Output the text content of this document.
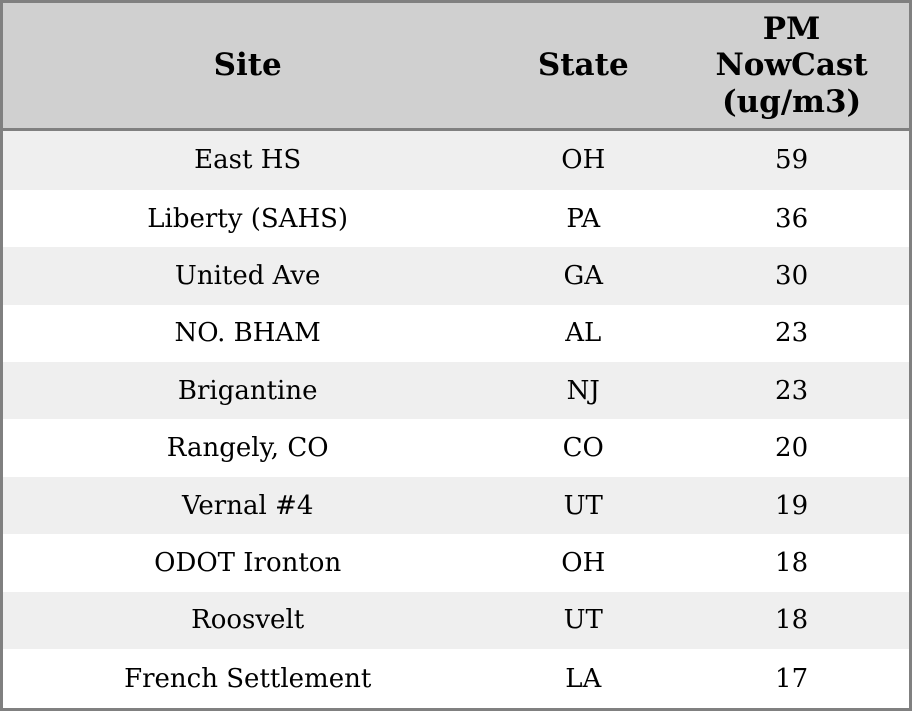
Site	State	PM NowCast (ug/m3)

East HS	OH	59
Liberty (SAHS)	PA	36
United Ave	GA	30
NO. BHAM	AL	23
Brigantine	NJ	23
Rangely, CO	CO	20
Vernal #4	UT	19
ODOT Ironton	OH	18
Roosvelt	UT	18
French Settlement	LA	17
